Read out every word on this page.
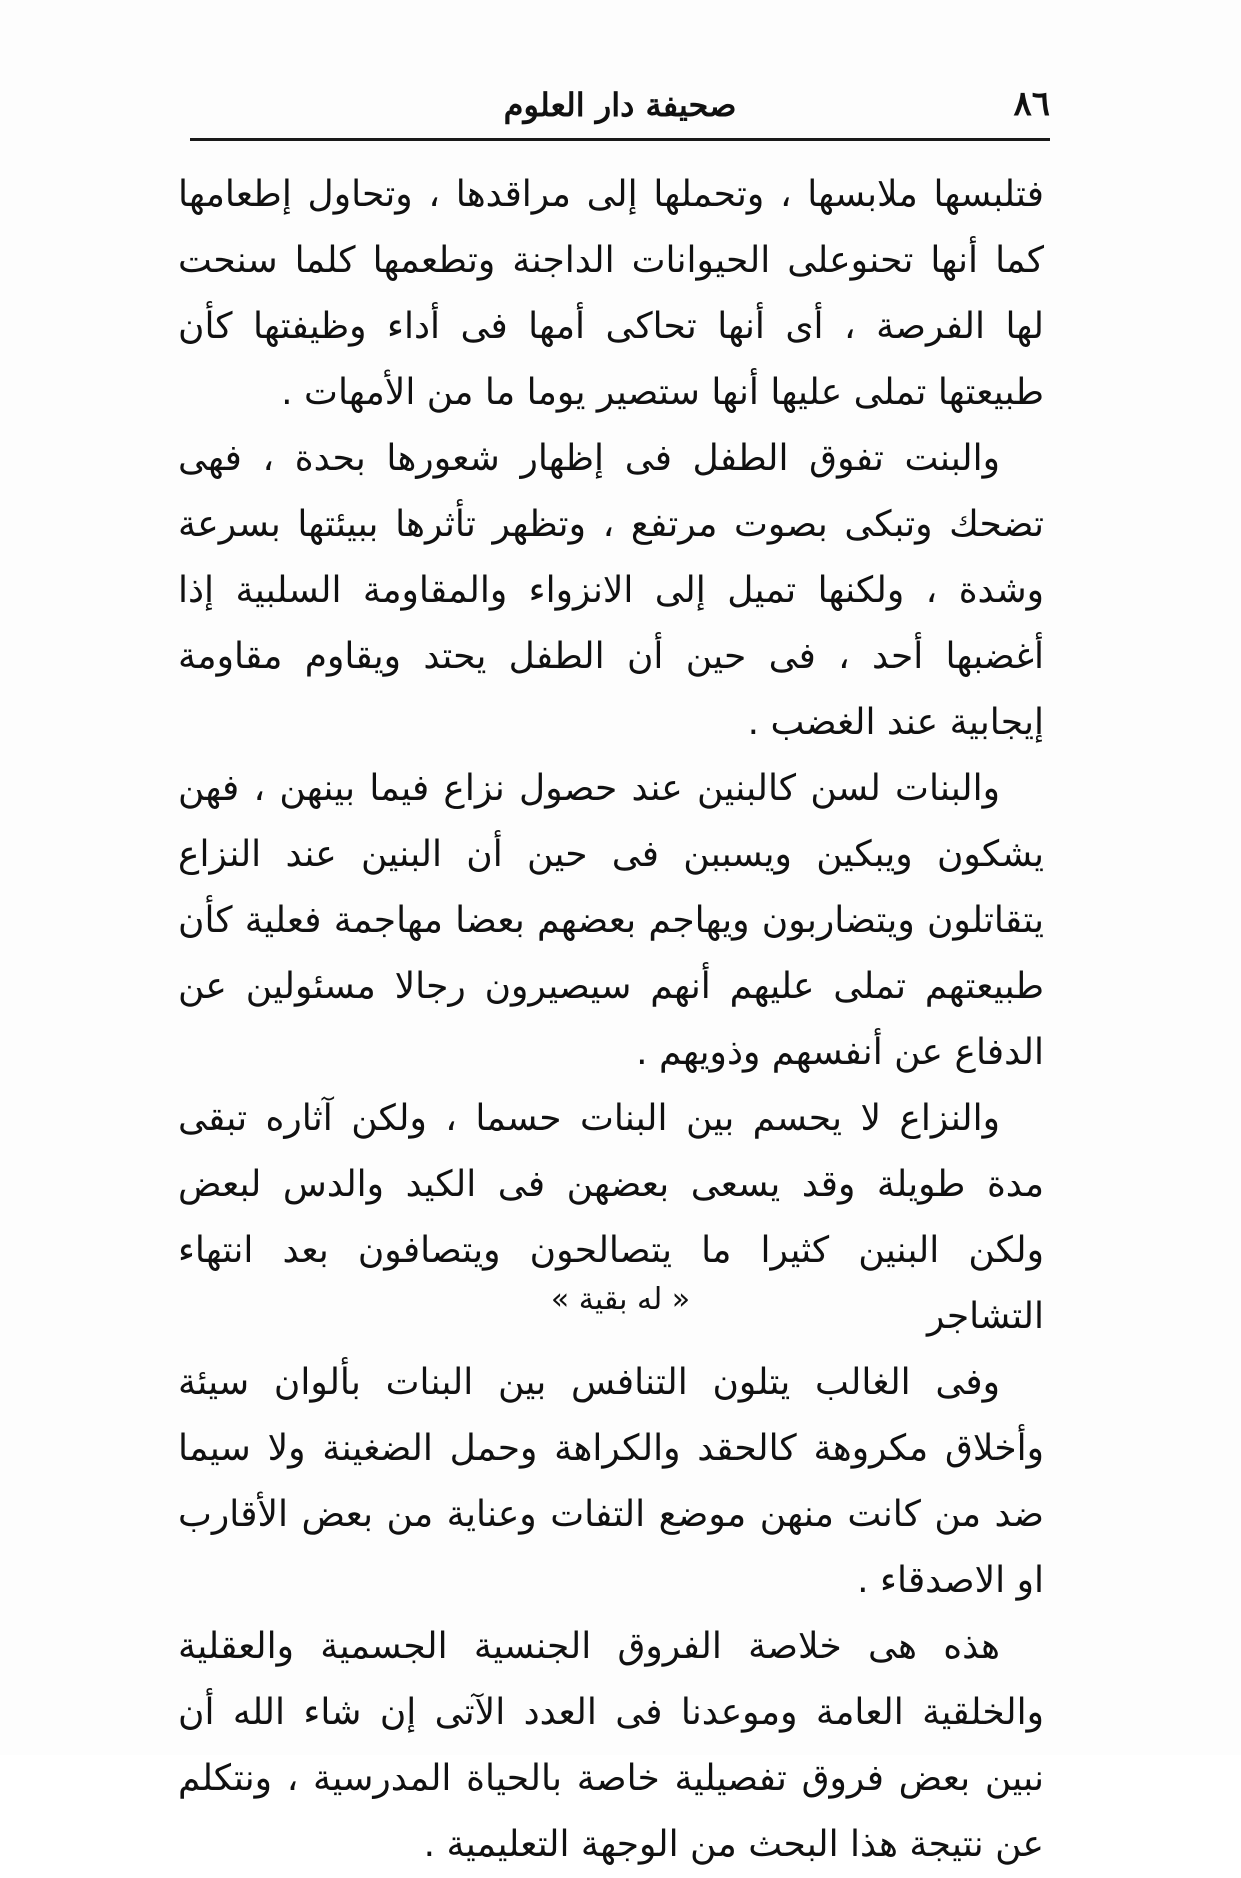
٨٦
صحيفة دار العلوم

فتلبسها ملابسها ، وتحملها إلى مراقدها ، وتحاول إطعامها كما أنها تحنوعلى الحيوانات الداجنة وتطعمها كلما سنحت لها الفرصة ، أى أنها تحاكى أمها فى أداء وظيفتها كأن طبيعتها تملى عليها أنها ستصير يوما ما من الأمهات .

والبنت تفوق الطفل فى إظهار شعورها بحدة ، فهى تضحك وتبكى بصوت مرتفع ، وتظهر تأثرها ببيئتها بسرعة وشدة ، ولكنها تميل إلى الانزواء والمقاومة السلبية إذا أغضبها أحد ، فى حين أن الطفل يحتد ويقاوم مقاومة إيجابية عند الغضب .

والبنات لسن كالبنين عند حصول نزاع فيما بينهن ، فهن يشكون ويبكين ويسببن فى حين أن البنين عند النزاع يتقاتلون ويتضاربون ويهاجم بعضهم بعضا مهاجمة فعلية كأن طبيعتهم تملى عليهم أنهم سيصيرون رجالا مسئولين عن الدفاع عن أنفسهم وذويهم .

والنزاع لا يحسم بين البنات حسما ، ولكن آثاره تبقى مدة طويلة وقد يسعى بعضهن فى الكيد والدس لبعض ولكن البنين كثيرا ما يتصالحون ويتصافون بعد انتهاء التشاجر

وفى الغالب يتلون التنافس بين البنات بألوان سيئة وأخلاق مكروهة كالحقد والكراهة وحمل الضغينة ولا سيما ضد من كانت منهن موضع التفات وعناية من بعض الأقارب او الاصدقاء .

هذه هى خلاصة الفروق الجنسية الجسمية والعقلية والخلقية العامة وموعدنا فى العدد الآتى إن شاء الله أن نبين بعض فروق تفصيلية خاصة بالحياة المدرسية ، ونتكلم عن نتيجة هذا البحث من الوجهة التعليمية .

« له بقية »
